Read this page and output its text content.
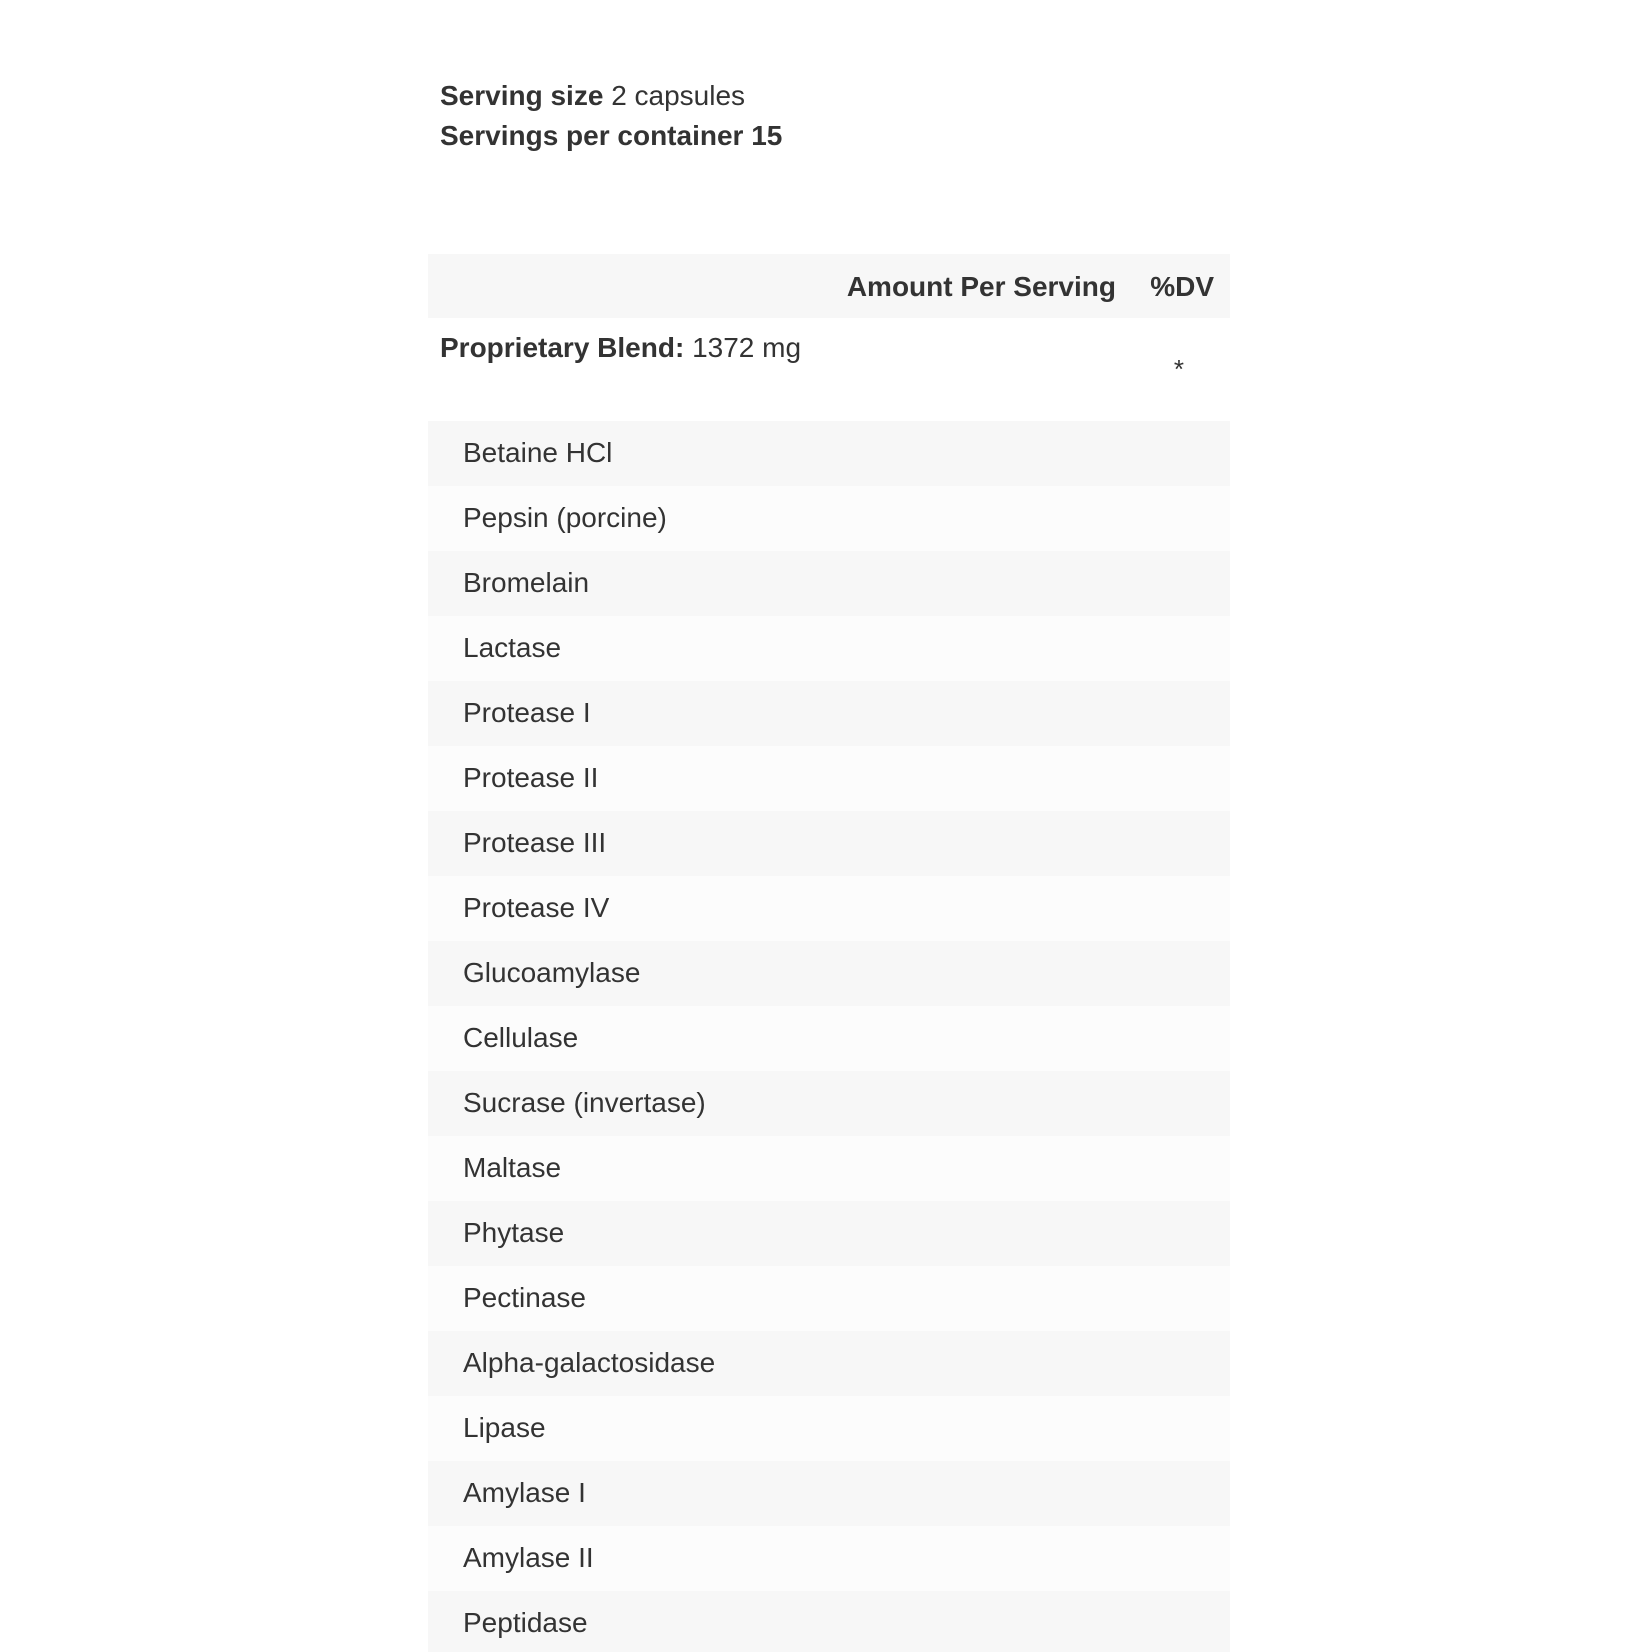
Serving size 2 capsules
Servings per container 15
Amount Per Serving %DV
Proprietary Blend: 1372 mg
*
Betaine HCl
Pepsin (porcine)
Bromelain
Lactase
Protease I
Protease II
Protease III
Protease IV
Glucoamylase
Cellulase
Sucrase (invertase)
Maltase
Phytase
Pectinase
Alpha-galactosidase
Lipase
Amylase I
Amylase II
Peptidase
